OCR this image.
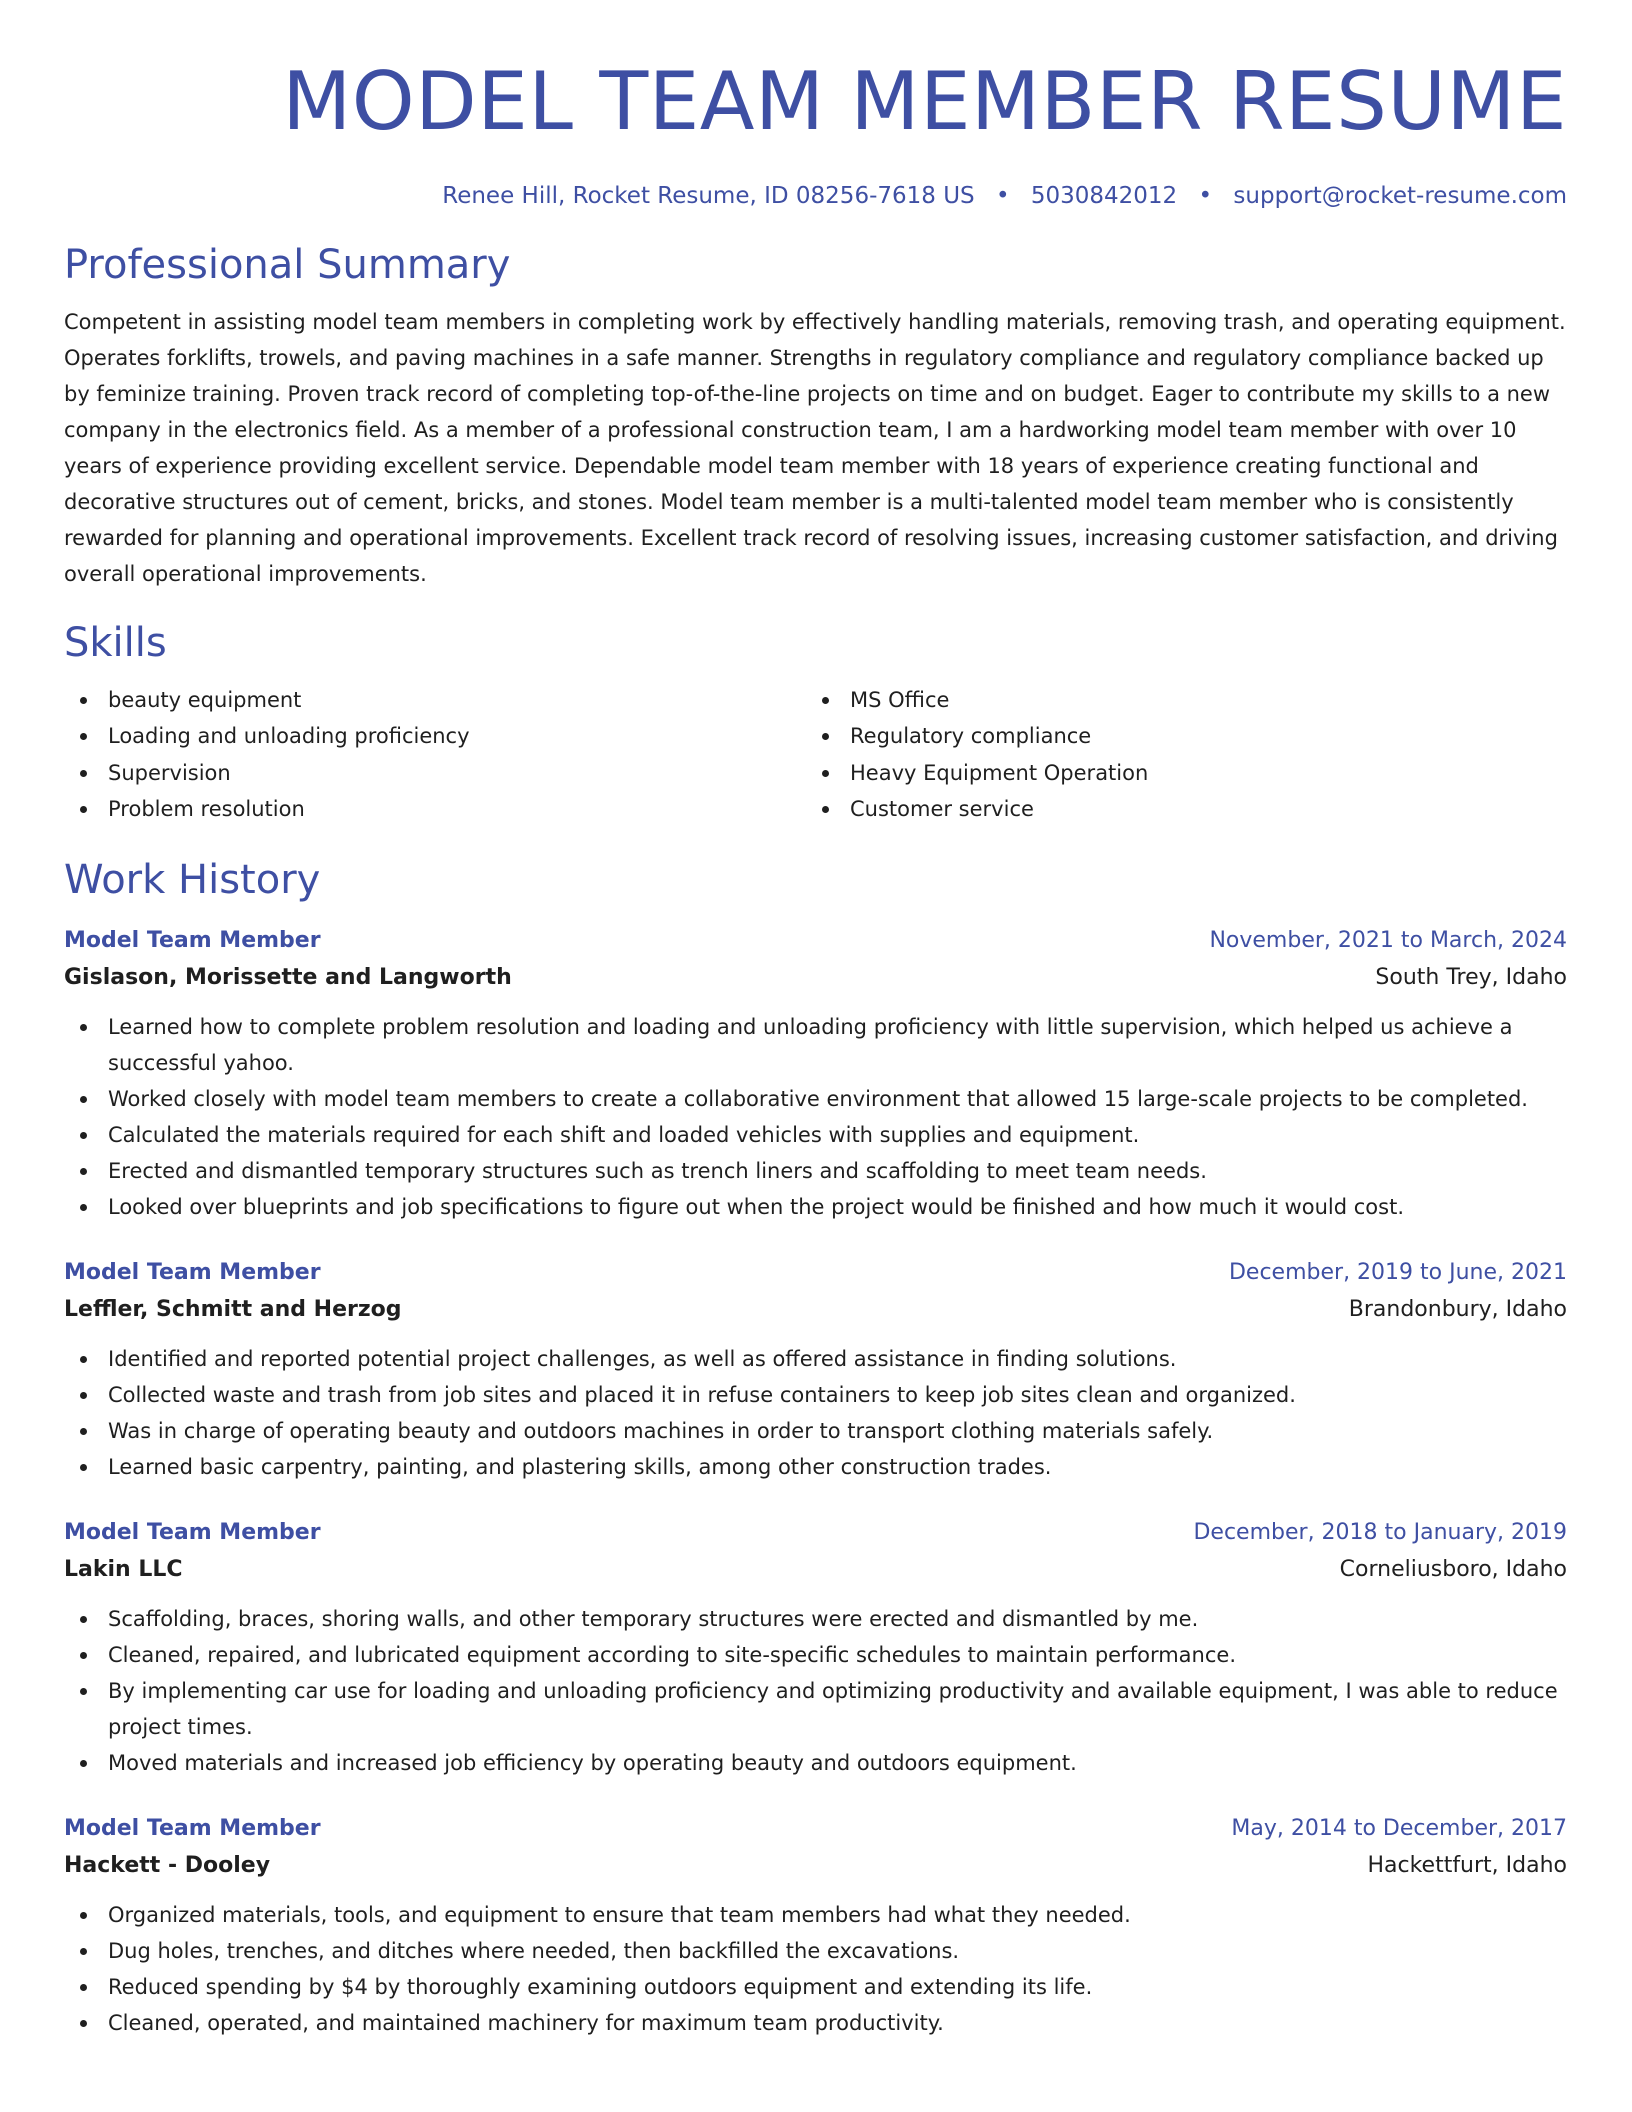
MODEL TEAM MEMBER RESUME
Renee Hill, Rocket Resume, ID 08256-7618 US • 5030842012 • support@rocket-resume.com
Professional Summary

Competent in assisting model team members in completing work by effectively handling materials, removing trash, and operating equipment. Operates forklifts, trowels, and paving machines in a safe manner. Strengths in regulatory compliance and regulatory compliance backed up by feminize training. Proven track record of completing top-of-the-line projects on time and on budget. Eager to contribute my skills to a new company in the electronics field. As a member of a professional construction team, I am a hardworking model team member with over 10 years of experience providing excellent service. Dependable model team member with 18 years of experience creating functional and decorative structures out of cement, bricks, and stones. Model team member is a multi-talented model team member who is consistently rewarded for planning and operational improvements. Excellent track record of resolving issues, increasing customer satisfaction, and driving overall operational improvements.

Skills
beauty equipment
Loading and unloading proficiency
Supervision
Problem resolution
MS Office
Regulatory compliance
Heavy Equipment Operation
Customer service
Work History
Model Team Member	November, 2021 to March, 2024
Gislason, Morissette and Langworth	South Trey, Idaho
Learned how to complete problem resolution and loading and unloading proficiency with little supervision, which helped us achieve a successful yahoo.
Worked closely with model team members to create a collaborative environment that allowed 15 large-scale projects to be completed.
Calculated the materials required for each shift and loaded vehicles with supplies and equipment.
Erected and dismantled temporary structures such as trench liners and scaffolding to meet team needs.
Looked over blueprints and job specifications to figure out when the project would be finished and how much it would cost.
Model Team Member	December, 2019 to June, 2021
Leffler, Schmitt and Herzog	Brandonbury, Idaho
Identified and reported potential project challenges, as well as offered assistance in finding solutions.
Collected waste and trash from job sites and placed it in refuse containers to keep job sites clean and organized.
Was in charge of operating beauty and outdoors machines in order to transport clothing materials safely.
Learned basic carpentry, painting, and plastering skills, among other construction trades.
Model Team Member	December, 2018 to January, 2019
Lakin LLC	Corneliusboro, Idaho
Scaffolding, braces, shoring walls, and other temporary structures were erected and dismantled by me.
Cleaned, repaired, and lubricated equipment according to site-specific schedules to maintain performance.
By implementing car use for loading and unloading proficiency and optimizing productivity and available equipment, I was able to reduce project times.
Moved materials and increased job efficiency by operating beauty and outdoors equipment.
Model Team Member	May, 2014 to December, 2017
Hackett - Dooley	Hackettfurt, Idaho
Organized materials, tools, and equipment to ensure that team members had what they needed.
Dug holes, trenches, and ditches where needed, then backfilled the excavations.
Reduced spending by $4 by thoroughly examining outdoors equipment and extending its life.
Cleaned, operated, and maintained machinery for maximum team productivity.
